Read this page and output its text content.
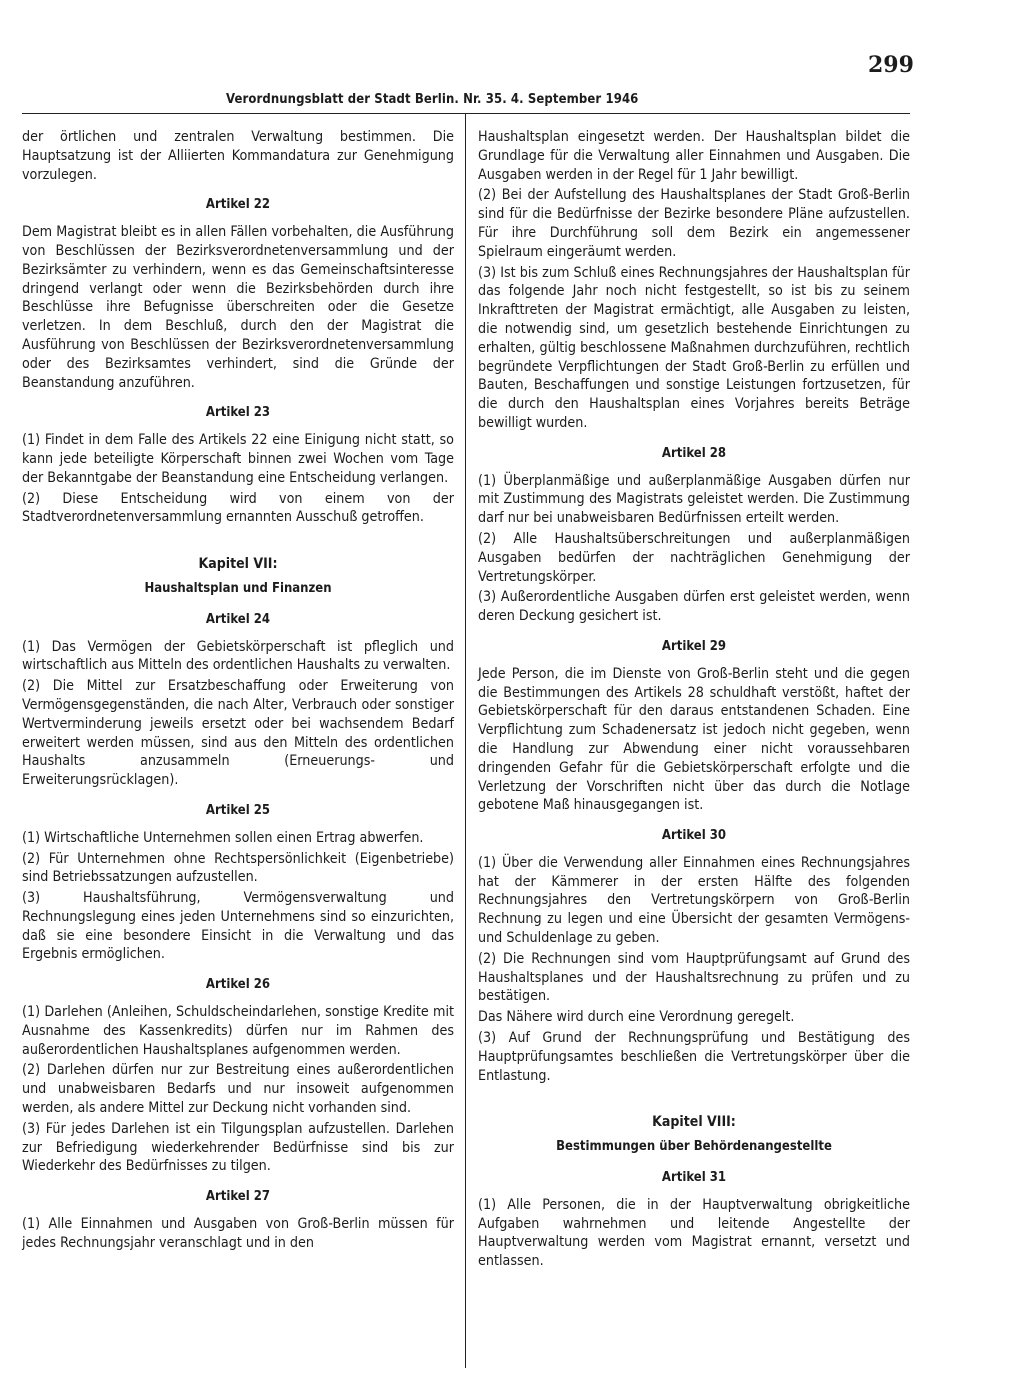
299
Verordnungsblatt der Stadt Berlin. Nr. 35. 4. September 1946

der örtlichen und zentralen Verwaltung bestimmen. Die Hauptsatzung ist der Alliierten Kommandatura zur Genehmigung vorzulegen.

Artikel 22

Dem Magistrat bleibt es in allen Fällen vorbehalten, die Ausführung von Beschlüssen der Bezirksverordnetenversammlung und der Bezirksämter zu verhindern, wenn es das Gemeinschaftsinteresse dringend verlangt oder wenn die Bezirksbehörden durch ihre Beschlüsse ihre Befugnisse überschreiten oder die Gesetze verletzen. In dem Beschluß, durch den der Magistrat die Ausführung von Beschlüssen der Bezirksverordnetenversammlung oder des Bezirksamtes verhindert, sind die Gründe der Beanstandung anzuführen.

Artikel 23

(1) Findet in dem Falle des Artikels 22 eine Einigung nicht statt, so kann jede beteiligte Körperschaft binnen zwei Wochen vom Tage der Bekanntgabe der Beanstandung eine Entscheidung verlangen.

(2) Diese Entscheidung wird von einem von der Stadtverordnetenversammlung ernannten Ausschuß getroffen.

Kapitel VII:
Haushaltsplan und Finanzen
Artikel 24

(1) Das Vermögen der Gebietskörperschaft ist pfleglich und wirtschaftlich aus Mitteln des ordentlichen Haushalts zu verwalten.

(2) Die Mittel zur Ersatzbeschaffung oder Erweiterung von Vermögensgegenständen, die nach Alter, Verbrauch oder sonstiger Wertverminderung jeweils ersetzt oder bei wachsendem Bedarf erweitert werden müssen, sind aus den Mitteln des ordentlichen Haushalts anzusammeln (Erneuerungs- und Erweiterungsrücklagen).

Artikel 25

(1) Wirtschaftliche Unternehmen sollen einen Ertrag abwerfen.

(2) Für Unternehmen ohne Rechtspersönlichkeit (Eigenbetriebe) sind Betriebssatzungen aufzustellen.

(3) Haushaltsführung, Vermögensverwaltung und Rechnungslegung eines jeden Unternehmens sind so einzurichten, daß sie eine besondere Einsicht in die Verwaltung und das Ergebnis ermöglichen.

Artikel 26

(1) Darlehen (Anleihen, Schuldscheindarlehen, sonstige Kredite mit Ausnahme des Kassenkredits) dürfen nur im Rahmen des außerordentlichen Haushaltsplanes aufgenommen werden.

(2) Darlehen dürfen nur zur Bestreitung eines außerordentlichen und unabweisbaren Bedarfs und nur insoweit aufgenommen werden, als andere Mittel zur Deckung nicht vorhanden sind.

(3) Für jedes Darlehen ist ein Tilgungsplan aufzustellen. Darlehen zur Befriedigung wiederkehrender Bedürfnisse sind bis zur Wiederkehr des Bedürfnisses zu tilgen.

Artikel 27

(1) Alle Einnahmen und Ausgaben von Groß-Berlin müssen für jedes Rechnungsjahr veranschlagt und in den

Haushaltsplan eingesetzt werden. Der Haushaltsplan bildet die Grundlage für die Verwaltung aller Einnahmen und Ausgaben. Die Ausgaben werden in der Regel für 1 Jahr bewilligt.

(2) Bei der Aufstellung des Haushaltsplanes der Stadt Groß-Berlin sind für die Bedürfnisse der Bezirke besondere Pläne aufzustellen. Für ihre Durchführung soll dem Bezirk ein angemessener Spielraum eingeräumt werden.

(3) Ist bis zum Schluß eines Rechnungsjahres der Haushaltsplan für das folgende Jahr noch nicht festgestellt, so ist bis zu seinem Inkrafttreten der Magistrat ermächtigt, alle Ausgaben zu leisten, die notwendig sind, um gesetzlich bestehende Einrichtungen zu erhalten, gültig beschlossene Maßnahmen durchzuführen, rechtlich begründete Verpflichtungen der Stadt Groß-Berlin zu erfüllen und Bauten, Beschaffungen und sonstige Leistungen fortzusetzen, für die durch den Haushaltsplan eines Vorjahres bereits Beträge bewilligt wurden.

Artikel 28

(1) Überplanmäßige und außerplanmäßige Ausgaben dürfen nur mit Zustimmung des Magistrats geleistet werden. Die Zustimmung darf nur bei unabweisbaren Bedürfnissen erteilt werden.

(2) Alle Haushaltsüberschreitungen und außerplanmäßigen Ausgaben bedürfen der nachträglichen Genehmigung der Vertretungskörper.

(3) Außerordentliche Ausgaben dürfen erst geleistet werden, wenn deren Deckung gesichert ist.

Artikel 29

Jede Person, die im Dienste von Groß-Berlin steht und die gegen die Bestimmungen des Artikels 28 schuldhaft verstößt, haftet der Gebietskörperschaft für den daraus entstandenen Schaden. Eine Verpflichtung zum Schadenersatz ist jedoch nicht gegeben, wenn die Handlung zur Abwendung einer nicht voraussehbaren dringenden Gefahr für die Gebietskörperschaft erfolgte und die Verletzung der Vorschriften nicht über das durch die Notlage gebotene Maß hinausgegangen ist.

Artikel 30

(1) Über die Verwendung aller Einnahmen eines Rechnungsjahres hat der Kämmerer in der ersten Hälfte des folgenden Rechnungsjahres den Vertretungskörpern von Groß-Berlin Rechnung zu legen und eine Übersicht der gesamten Vermögens- und Schuldenlage zu geben.

(2) Die Rechnungen sind vom Hauptprüfungsamt auf Grund des Haushaltsplanes und der Haushaltsrechnung zu prüfen und zu bestätigen.

Das Nähere wird durch eine Verordnung geregelt.

(3) Auf Grund der Rechnungsprüfung und Bestätigung des Hauptprüfungsamtes beschließen die Vertretungskörper über die Entlastung.

Kapitel VIII:
Bestimmungen über Behördenangestellte
Artikel 31

(1) Alle Personen, die in der Hauptverwaltung obrigkeitliche Aufgaben wahrnehmen und leitende Angestellte der Hauptverwaltung werden vom Magistrat ernannt, versetzt und entlassen.
